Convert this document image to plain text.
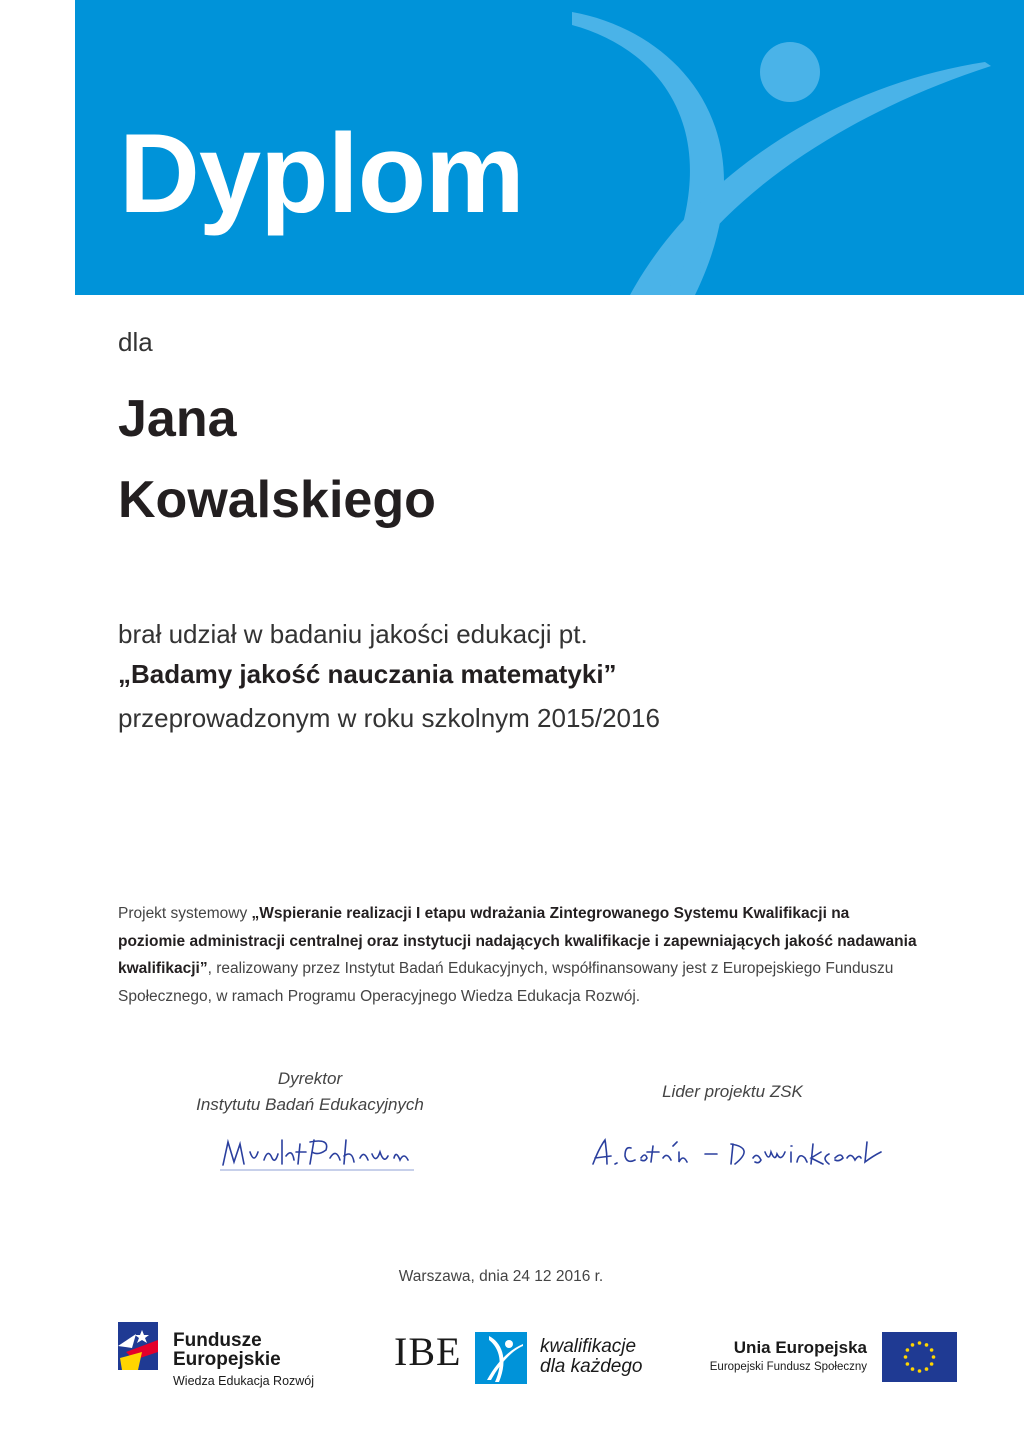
Dyplom
dla
Jana
Kowalskiego
brał udział w badaniu jakości edukacji pt.
„Badamy jakość nauczania matematyki”
przeprowadzonym w roku szkolnym 2015/2016
Projekt systemowy „Wspieranie realizacji I etapu wdrażania Zintegrowanego Systemu Kwalifikacji na poziomie administracji centralnej oraz instytucji nadających kwalifikacje i zapewniających jakość nadawania kwalifikacji”, realizowany przez Instytut Badań Edukacyjnych, współfinansowany jest z Europejskiego Funduszu Społecznego, w ramach Programu Operacyjnego Wiedza Edukacja Rozwój.
Dyrektor
Instytutu Badań Edukacyjnych
Lider projektu ZSK
Warszawa, dnia 24 12 2016 r.
Fundusze
Europejskie
Wiedza Edukacja Rozwój
IBE	kwalifikacje
dla każdego
Unia Europejska
Europejski Fundusz Społeczny
